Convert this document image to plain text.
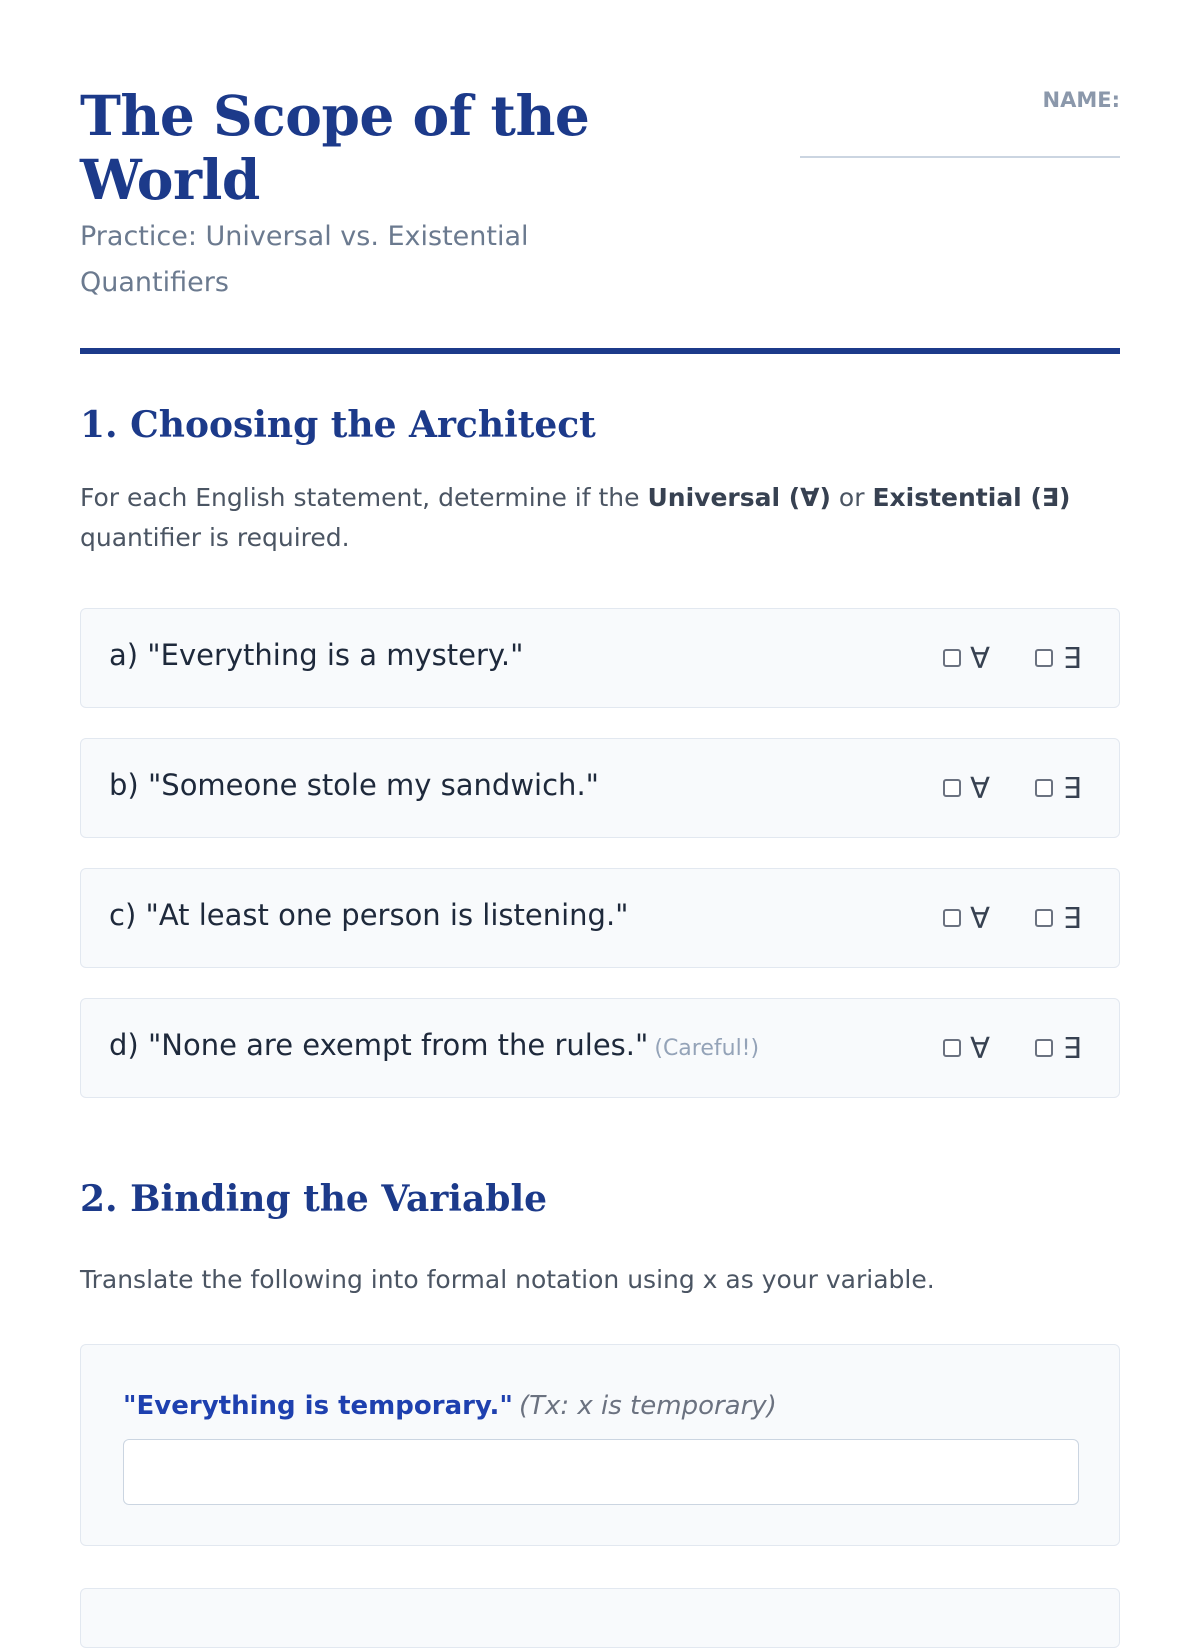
The Scope of the World
Practice: Universal vs. Existential Quantifiers
NAME:
1. Choosing the Architect

For each English statement, determine if the Universal (∀) or Existential (∃) quantifier is required.

a) "Everything is a mystery."	∀	∃
b) "Someone stole my sandwich."	∀	∃
c) "At least one person is listening."	∀	∃
d) "None are exempt from the rules." (Careful!)	∀	∃
2. Binding the Variable

Translate the following into formal notation using x as your variable.

"Everything is temporary." (Tx: x is temporary)
